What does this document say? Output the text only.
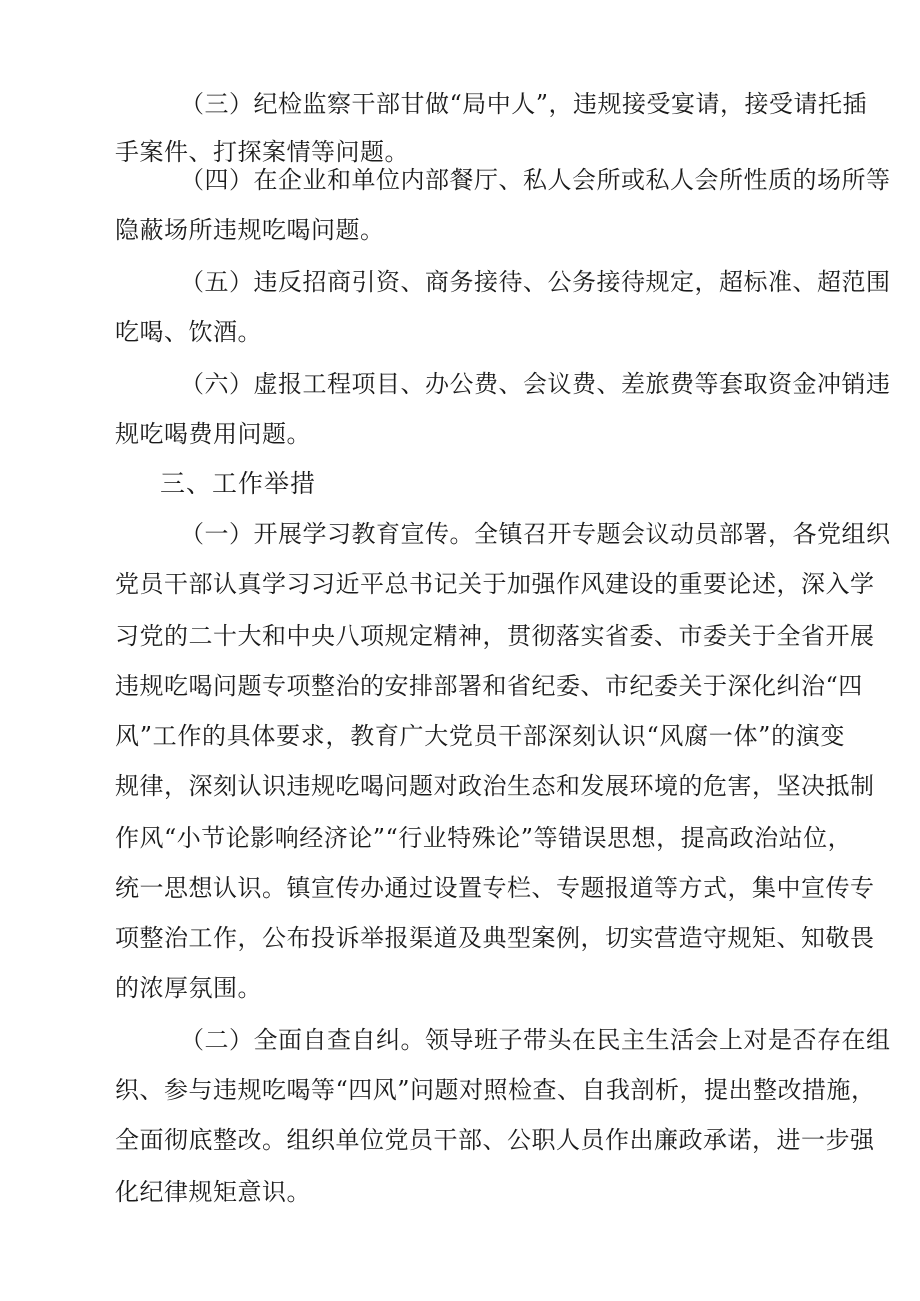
（三）纪检监察干部甘做“局中人”，违规接受宴请，接受请托插
手案件、打探案情等问题。
（四）在企业和单位内部餐厅、私人会所或私人会所性质的场所等
隐蔽场所违规吃喝问题。
（五）违反招商引资、商务接待、公务接待规定，超标准、超范围
吃喝、饮酒。
（六）虚报工程项目、办公费、会议费、差旅费等套取资金冲销违
规吃喝费用问题。
三、工作举措
（一）开展学习教育宣传。全镇召开专题会议动员部署，各党组织
党员干部认真学习习近平总书记关于加强作风建设的重要论述，深入学
习党的二十大和中央八项规定精神，贯彻落实省委、市委关于全省开展
违规吃喝问题专项整治的安排部署和省纪委、市纪委关于深化纠治“四
风”工作的具体要求，教育广大党员干部深刻认识“风腐一体”的演变
规律，深刻认识违规吃喝问题对政治生态和发展环境的危害，坚决抵制
作风“小节论影响经济论”“行业特殊论”等错误思想，提高政治站位，
统一思想认识。镇宣传办通过设置专栏、专题报道等方式，集中宣传专
项整治工作，公布投诉举报渠道及典型案例，切实营造守规矩、知敬畏
的浓厚氛围。
（二）全面自查自纠。领导班子带头在民主生活会上对是否存在组
织、参与违规吃喝等“四风”问题对照检查、自我剖析，提出整改措施，
全面彻底整改。组织单位党员干部、公职人员作出廉政承诺，进一步强
化纪律规矩意识。
